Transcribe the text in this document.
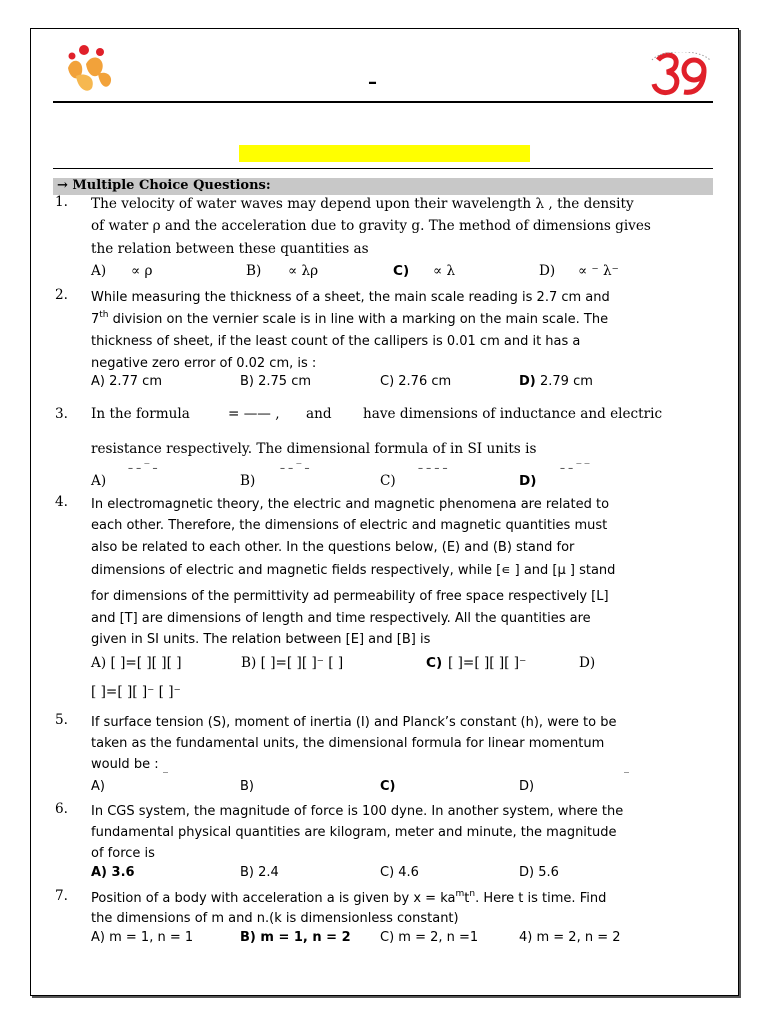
–
→ Multiple Choice Questions:
1. The velocity of water waves may depend upon their wavelength λ , the density
of water ρ and the acceleration due to gravity g. The method of dimensions gives
the relation between these quantities as
A) ∝ ρ	B) ∝ λρ	C) ∝ λ	D) ∝ ⁻ λ⁻
2. While measuring the thickness of a sheet, the main scale reading is 2.7 cm and
7th division on the vernier scale is in line with a marking on the main scale. The
thickness of sheet, if the least count of the callipers is 0.01 cm and it has a
negative zero error of 0.02 cm, is :
A) 2.77 cm	B) 2.75 cm	C) 2.76 cm	D) 2.79 cm
3. In the formula	= —— , and have dimensions of inductance and electric
resistance respectively. The dimensional formula of in SI units is
A)
– – ‾ –
B)
– – ‾ –
C)
– – – –
D)
– – ‾ ‾
4. In electromagnetic theory, the electric and magnetic phenomena are related to
each other. Therefore, the dimensions of electric and magnetic quantities must
also be related to each other. In the questions below, (E) and (B) stand for
dimensions of electric and magnetic fields respectively, while [∊ ] and [μ ] stand
for dimensions of the permittivity ad permeability of free space respectively [L]
and [T] are dimensions of length and time respectively. All the quantities are
given in SI units. The relation between [E] and [B] is
A) [ ]=[ ][ ][ ]	B) [ ]=[ ][ ]⁻ [ ]	C) [ ]=[ ][ ][ ]⁻	D)
[ ]=[ ][ ]⁻ [ ]⁻
5. If surface tension (S), moment of inertia (I) and Planck’s constant (h), were to be
taken as the fundamental units, the dimensional formula for linear momentum
would be :
A)
‾
B)	C)	D)
‾
6. In CGS system, the magnitude of force is 100 dyne. In another system, where the
fundamental physical quantities are kilogram, meter and minute, the magnitude
of force is
A) 3.6	B) 2.4	C) 4.6	D) 5.6
7. Position of a body with acceleration a is given by $x = ka^mt^n$. Here t is time. Find
the dimensions of m and n.(k is dimensionless constant)
A) m = 1, n = 1	B) m = 1, n = 2 C) m = 2, n =1	4) m = 2, n = 2
